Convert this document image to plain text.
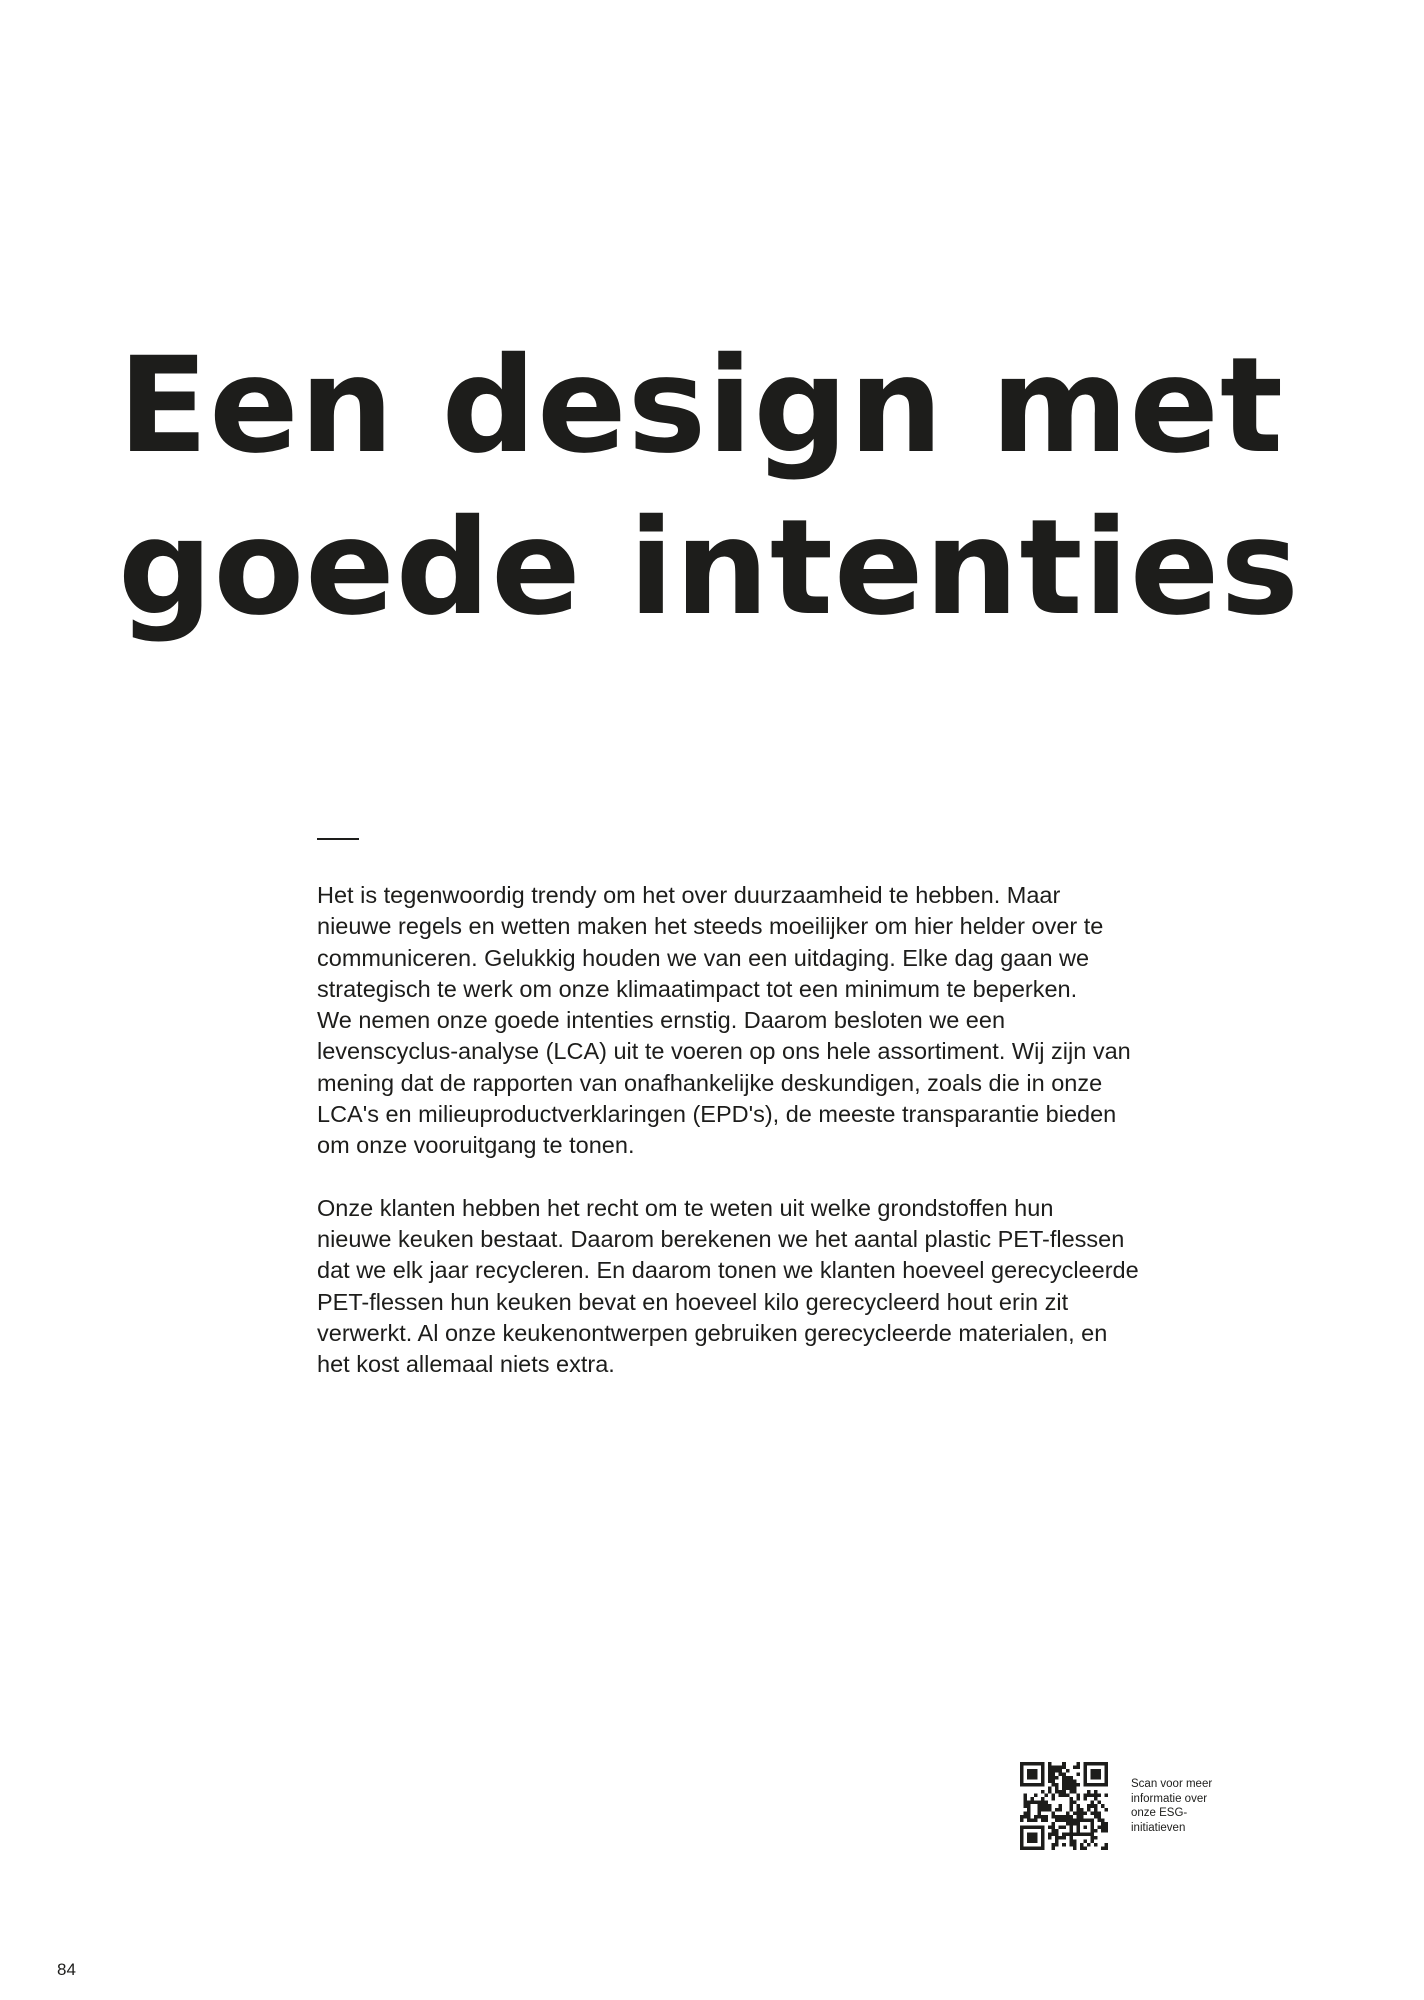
Een design met
goede intenties

Het is tegenwoordig trendy om het over duurzaamheid te hebben. Maar
nieuwe regels en wetten maken het steeds moeilijker om hier helder over te
communiceren. Gelukkig houden we van een uitdaging. Elke dag gaan we
strategisch te werk om onze klimaatimpact tot een minimum te beperken.
We nemen onze goede intenties ernstig. Daarom besloten we een
levenscyclus-analyse (LCA) uit te voeren op ons hele assortiment. Wij zijn van
mening dat de rapporten van onafhankelijke deskundigen, zoals die in onze
LCA's en milieuproductverklaringen (EPD's), de meeste transparantie bieden
om onze vooruitgang te tonen.

Onze klanten hebben het recht om te weten uit welke grondstoffen hun
nieuwe keuken bestaat. Daarom berekenen we het aantal plastic PET-flessen
dat we elk jaar recycleren. En daarom tonen we klanten hoeveel gerecycleerde
PET-flessen hun keuken bevat en hoeveel kilo gerecycleerd hout erin zit
verwerkt. Al onze keukenontwerpen gebruiken gerecycleerde materialen, en
het kost allemaal niets extra.

Scan voor meer
informatie over
onze ESG-
initiatieven
84
